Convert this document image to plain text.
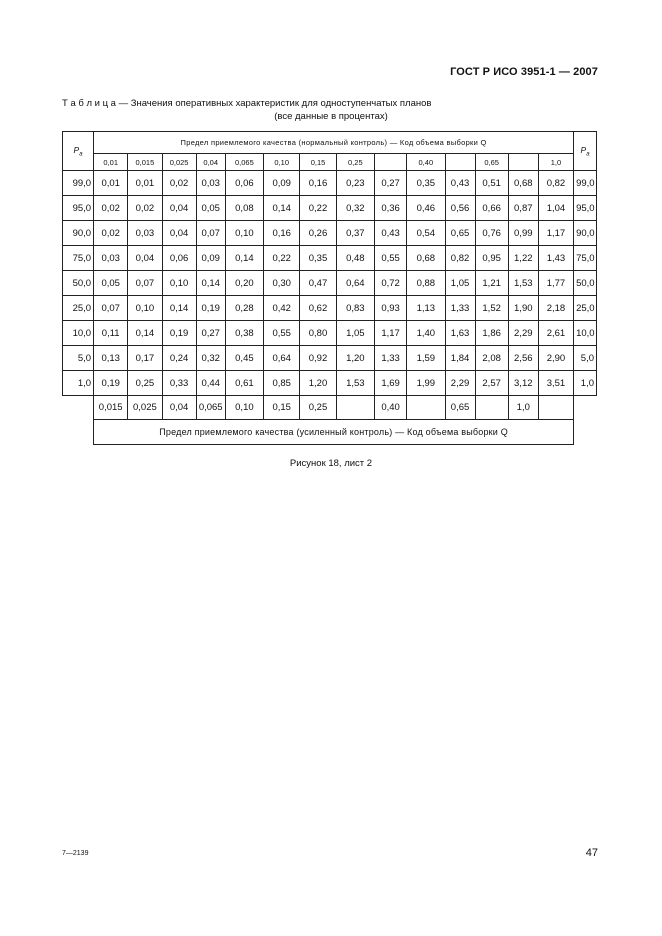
ГОСТ Р ИСО 3951-1 — 2007
Т а б л и ц а — Значения оперативных характеристик для одноступенчатых планов
(все данные в процентах)
$P_a$	Предел приемлемого качества (нормальный контроль) — Код объема выборки Q														$P_a$
	0,01	0,015	0,025	0,04	0,065	0,10	0,15	0,25		0,40		0,65		1,0	
99,0	0,01	0,01	0,02	0,03	0,06	0,09	0,16	0,23	0,27	0,35	0,43	0,51	0,68	0,82	99,0
95,0	0,02	0,02	0,04	0,05	0,08	0,14	0,22	0,32	0,36	0,46	0,56	0,66	0,87	1,04	95,0
90,0	0,02	0,03	0,04	0,07	0,10	0,16	0,26	0,37	0,43	0,54	0,65	0,76	0,99	1,17	90,0
75,0	0,03	0,04	0,06	0,09	0,14	0,22	0,35	0,48	0,55	0,68	0,82	0,95	1,22	1,43	75,0
50,0	0,05	0,07	0,10	0,14	0,20	0,30	0,47	0,64	0,72	0,88	1,05	1,21	1,53	1,77	50,0
25,0	0,07	0,10	0,14	0,19	0,28	0,42	0,62	0,83	0,93	1,13	1,33	1,52	1,90	2,18	25,0
10,0	0,11	0,14	0,19	0,27	0,38	0,55	0,80	1,05	1,17	1,40	1,63	1,86	2,29	2,61	10,0
5,0	0,13	0,17	0,24	0,32	0,45	0,64	0,92	1,20	1,33	1,59	1,84	2,08	2,56	2,90	5,0
1,0	0,19	0,25	0,33	0,44	0,61	0,85	1,20	1,53	1,69	1,99	2,29	2,57	3,12	3,51	1,0
	0,015	0,025	0,04	0,065	0,10	0,15	0,25		0,40		0,65		1,0		
	Предел приемлемого качества (усиленный контроль) — Код объема выборки Q														
Рисунок 18, лист 2
7—2139	47
